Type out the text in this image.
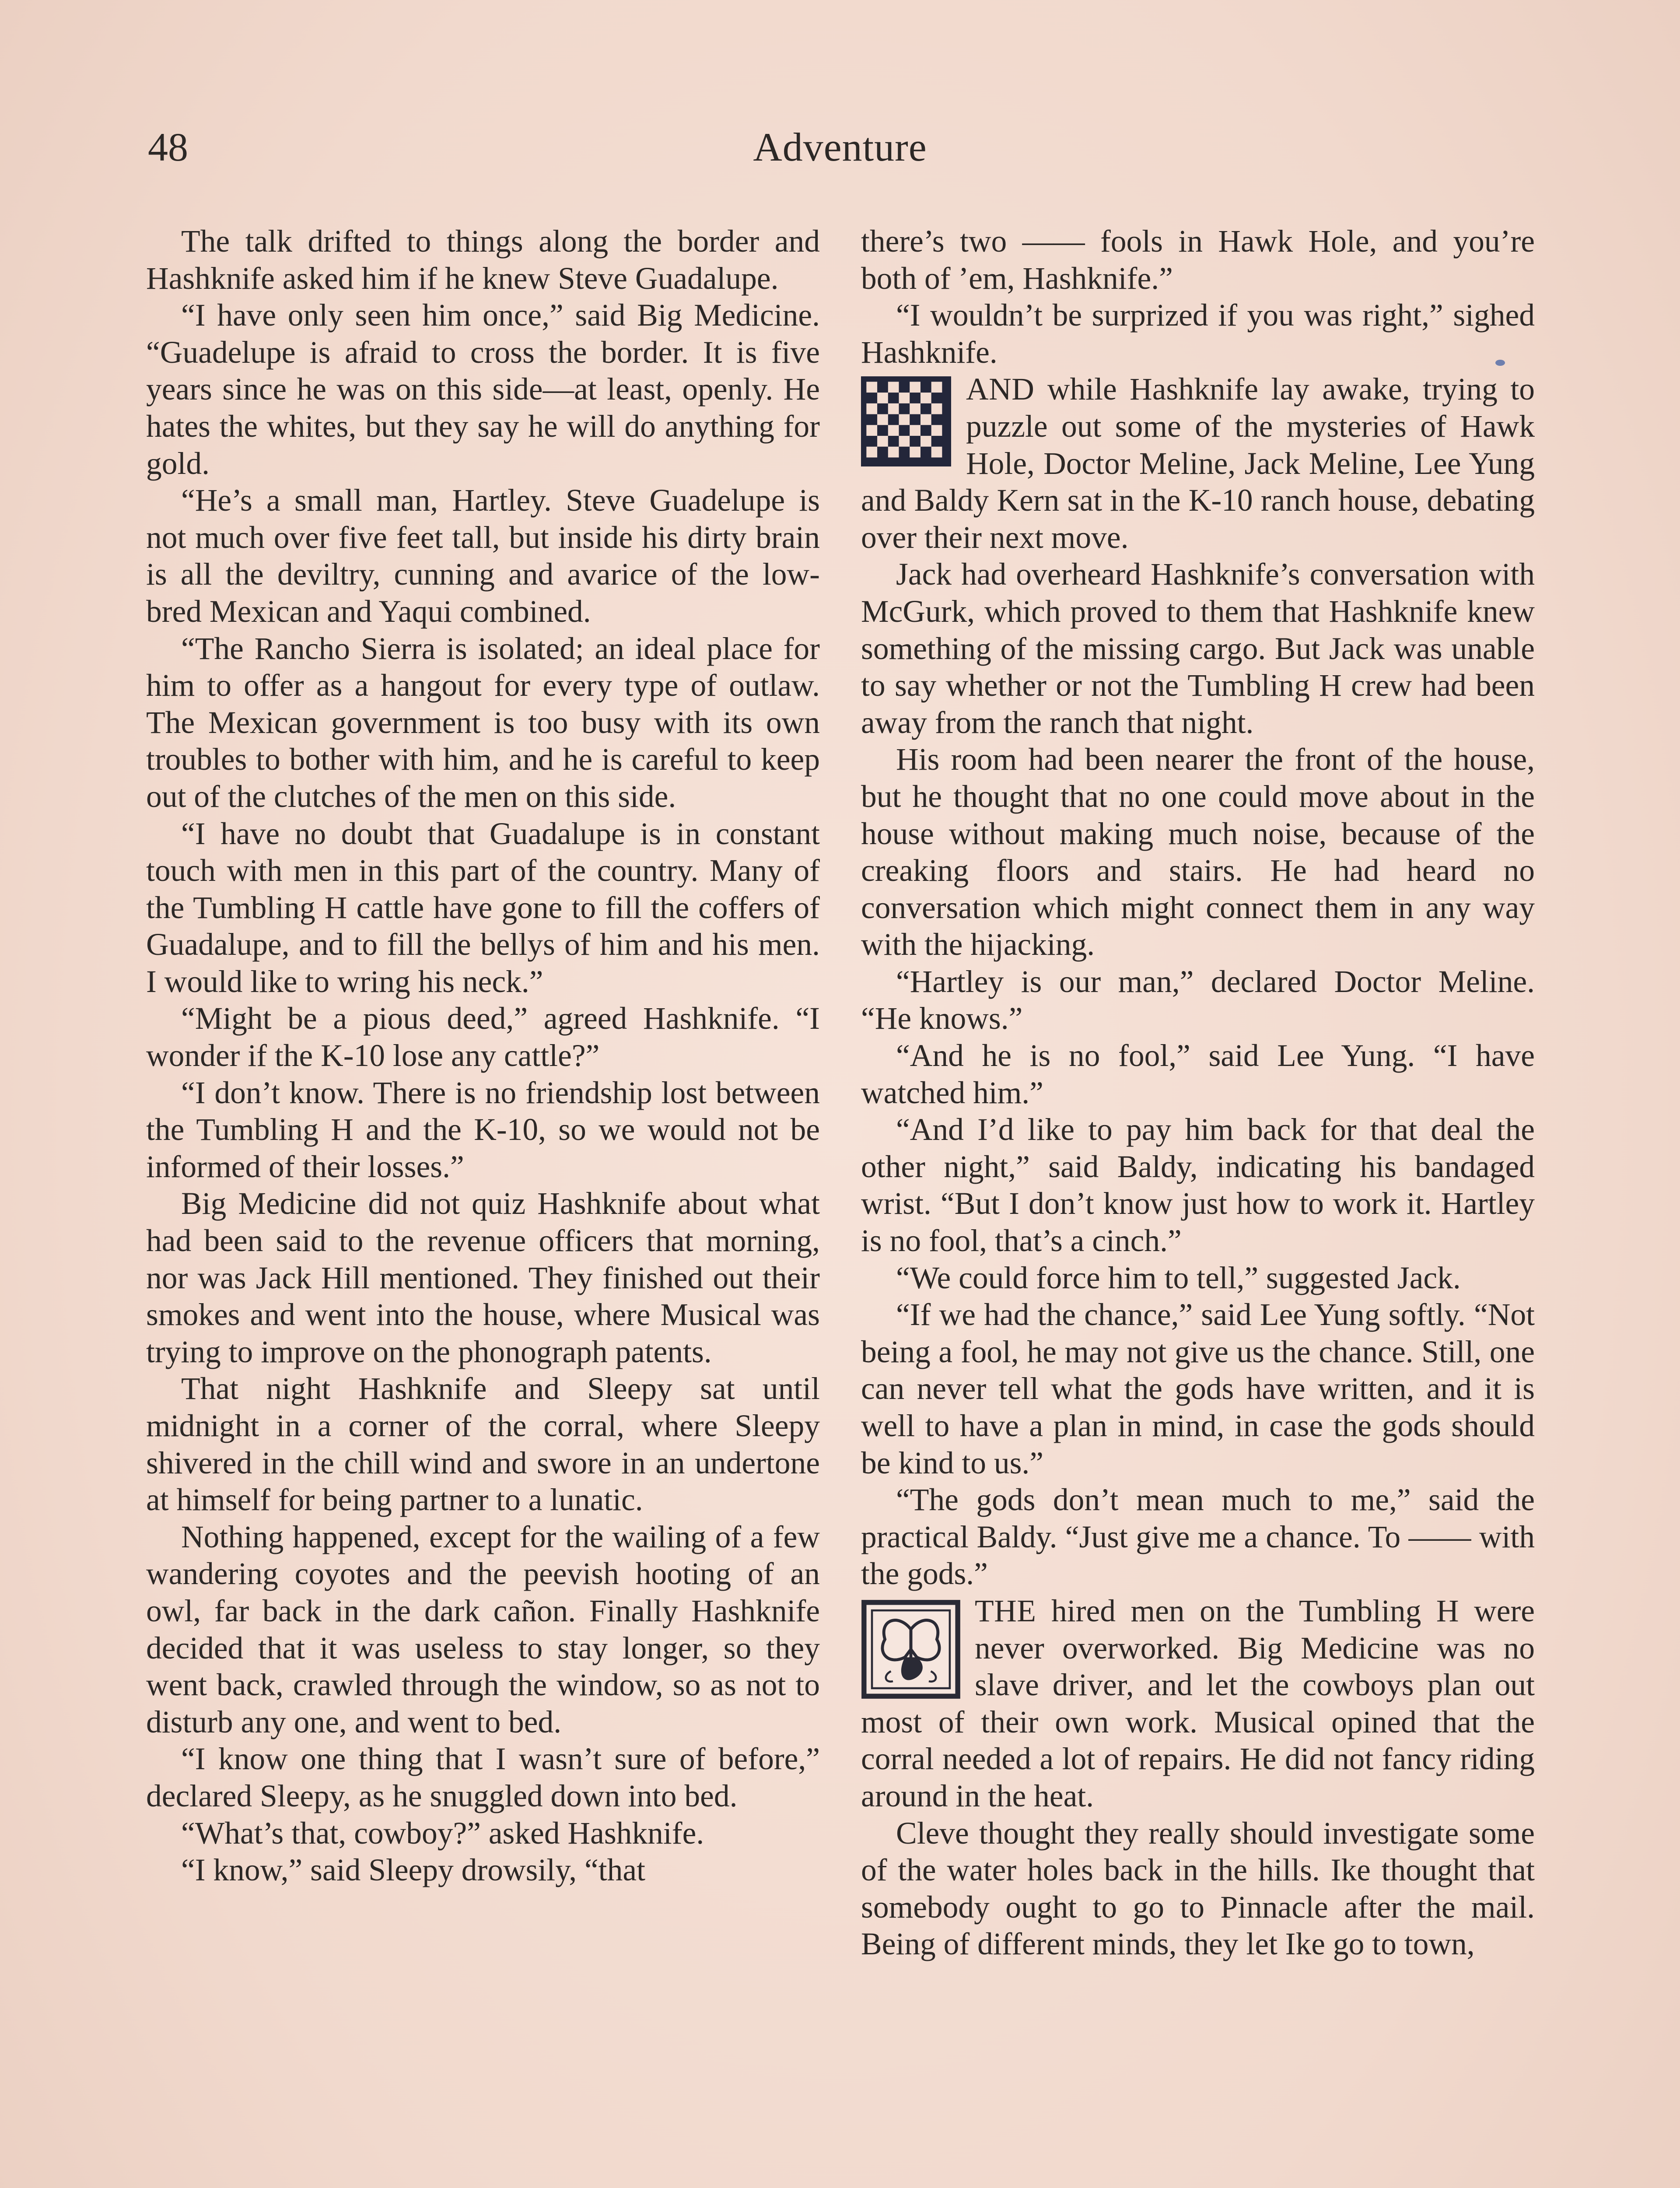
48	Adventure

The talk drifted to things along the border and Hashknife asked him if he knew Steve Guadalupe.

“I have only seen him once,” said Big Medicine. “Guadelupe is afraid to cross the border. It is five years since he was on this side—at least, openly. He hates the whites, but they say he will do anything for gold.

“He’s a small man, Hartley. Steve Guadelupe is not much over five feet tall, but inside his dirty brain is all the deviltry, cunning and avarice of the low-bred Mexican and Yaqui combined.

“The Rancho Sierra is isolated; an ideal place for him to offer as a hangout for every type of outlaw. The Mexican government is too busy with its own troubles to bother with him, and he is careful to keep out of the clutches of the men on this side.

“I have no doubt that Guadalupe is in constant touch with men in this part of the country. Many of the Tumbling H cattle have gone to fill the coffers of Guadalupe, and to fill the bellys of him and his men. I would like to wring his neck.”

“Might be a pious deed,” agreed Hashknife. “I wonder if the K-10 lose any cattle?”

“I don’t know. There is no friendship lost between the Tumbling H and the K-10, so we would not be informed of their losses.”

Big Medicine did not quiz Hashknife about what had been said to the revenue officers that morning, nor was Jack Hill mentioned. They finished out their smokes and went into the house, where Musical was trying to improve on the phonograph patents.

That night Hashknife and Sleepy sat until midnight in a corner of the corral, where Sleepy shivered in the chill wind and swore in an undertone at himself for being partner to a lunatic.

Nothing happened, except for the wailing of a few wandering coyotes and the peevish hooting of an owl, far back in the dark cañon. Finally Hashknife decided that it was useless to stay longer, so they went back, crawled through the window, so as not to disturb any one, and went to bed.

“I know one thing that I wasn’t sure of before,” declared Sleepy, as he snuggled down into bed.

“What’s that, cowboy?” asked Hashknife.

“I know,” said Sleepy drowsily, “that

there’s two —— fools in Hawk Hole, and you’re both of ’em, Hashknife.”

“I wouldn’t be surprized if you was right,” sighed Hashknife.

AND while Hashknife lay awake, trying to puzzle out some of the mysteries of Hawk Hole, Doctor Meline, Jack Meline, Lee Yung and Baldy Kern sat in the K-10 ranch house, debating over their next move.

Jack had overheard Hashknife’s conversation with McGurk, which proved to them that Hashknife knew something of the missing cargo. But Jack was unable to say whether or not the Tumbling H crew had been away from the ranch that night.

His room had been nearer the front of the house, but he thought that no one could move about in the house without making much noise, because of the creaking floors and stairs. He had heard no conversation which might connect them in any way with the hijacking.

“Hartley is our man,” declared Doctor Meline. “He knows.”

“And he is no fool,” said Lee Yung. “I have watched him.”

“And I’d like to pay him back for that deal the other night,” said Baldy, indicating his bandaged wrist. “But I don’t know just how to work it. Hartley is no fool, that’s a cinch.”

“We could force him to tell,” suggested Jack.

“If we had the chance,” said Lee Yung softly. “Not being a fool, he may not give us the chance. Still, one can never tell what the gods have written, and it is well to have a plan in mind, in case the gods should be kind to us.”

“The gods don’t mean much to me,” said the practical Baldy. “Just give me a chance. To —— with the gods.”

THE hired men on the Tumbling H were never overworked. Big Medicine was no slave driver, and let the cowboys plan out most of their own work. Musical opined that the corral needed a lot of repairs. He did not fancy riding around in the heat.

Cleve thought they really should investigate some of the water holes back in the hills. Ike thought that somebody ought to go to Pinnacle after the mail. Being of different minds, they let Ike go to town,
